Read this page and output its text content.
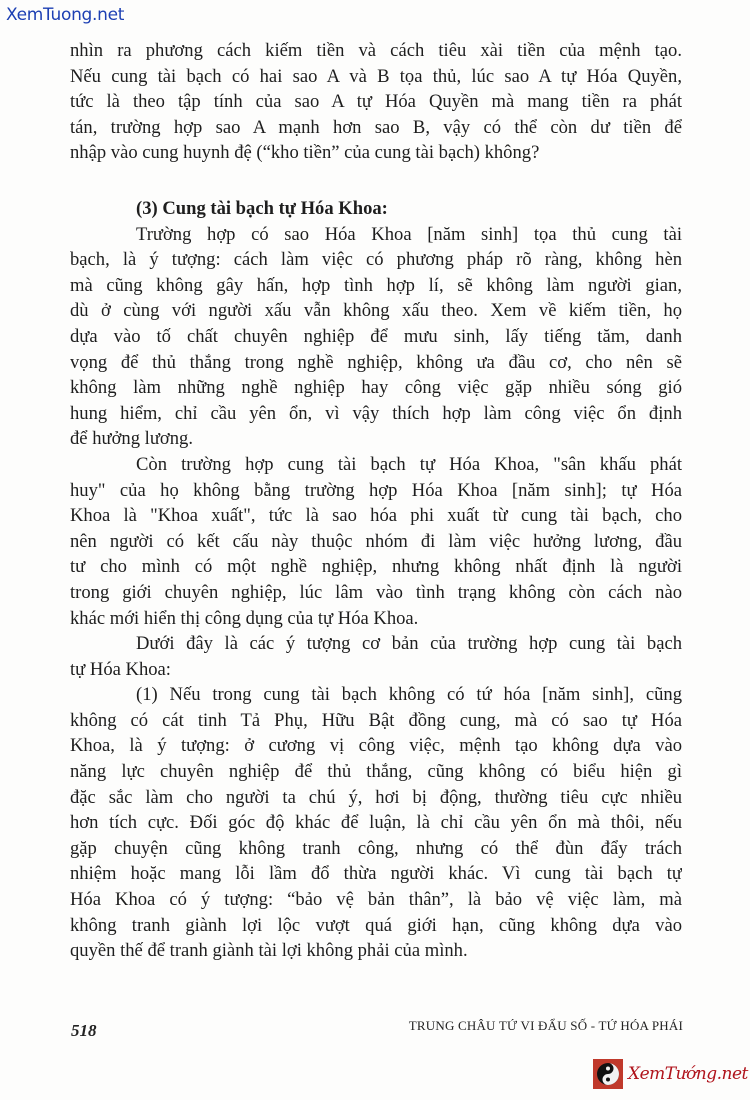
XemTuong.net
nhìn ra phương cách kiếm tiền và cách tiêu xài tiền của mệnh tạo.
Nếu cung tài bạch có hai sao A và B tọa thủ, lúc sao A tự Hóa Quyền,
tức là theo tập tính của sao A tự Hóa Quyền mà mang tiền ra phát
tán, trường hợp sao A mạnh hơn sao B, vậy có thể còn dư tiền để
nhập vào cung huynh đệ (“kho tiền” của cung tài bạch) không?
(3) Cung tài bạch tự Hóa Khoa:
Trường hợp có sao Hóa Khoa [năm sinh] tọa thủ cung tài
bạch, là ý tượng: cách làm việc có phương pháp rõ ràng, không hèn
mà cũng không gây hấn, hợp tình hợp lí, sẽ không làm người gian,
dù ở cùng với người xấu vẫn không xấu theo. Xem về kiếm tiền, họ
dựa vào tố chất chuyên nghiệp để mưu sinh, lấy tiếng tăm, danh
vọng để thủ thắng trong nghề nghiệp, không ưa đầu cơ, cho nên sẽ
không làm những nghề nghiệp hay công việc gặp nhiều sóng gió
hung hiểm, chỉ cầu yên ổn, vì vậy thích hợp làm công việc ổn định
để hưởng lương.
Còn trường hợp cung tài bạch tự Hóa Khoa, "sân khấu phát
huy" của họ không bằng trường hợp Hóa Khoa [năm sinh]; tự Hóa
Khoa là "Khoa xuất", tức là sao hóa phi xuất từ cung tài bạch, cho
nên người có kết cấu này thuộc nhóm đi làm việc hưởng lương, đầu
tư cho mình có một nghề nghiệp, nhưng không nhất định là người
trong giới chuyên nghiệp, lúc lâm vào tình trạng không còn cách nào
khác mới hiển thị công dụng của tự Hóa Khoa.
Dưới đây là các ý tượng cơ bản của trường hợp cung tài bạch
tự Hóa Khoa:
(1) Nếu trong cung tài bạch không có tứ hóa [năm sinh], cũng
không có cát tinh Tả Phụ, Hữu Bật đồng cung, mà có sao tự Hóa
Khoa, là ý tượng: ở cương vị công việc, mệnh tạo không dựa vào
năng lực chuyên nghiệp để thủ thắng, cũng không có biểu hiện gì
đặc sắc làm cho người ta chú ý, hơi bị động, thường tiêu cực nhiều
hơn tích cực. Đối góc độ khác để luận, là chỉ cầu yên ổn mà thôi, nếu
gặp chuyện cũng không tranh công, nhưng có thể đùn đẩy trách
nhiệm hoặc mang lỗi lầm đổ thừa người khác. Vì cung tài bạch tự
Hóa Khoa có ý tượng: “bảo vệ bản thân”, là bảo vệ việc làm, mà
không tranh giành lợi lộc vượt quá giới hạn, cũng không dựa vào
quyền thế để tranh giành tài lợi không phải của mình.
518	TRUNG CHÂU TỨ VI ĐẨU SỐ - TỨ HÓA PHÁI
XemTướng.net
